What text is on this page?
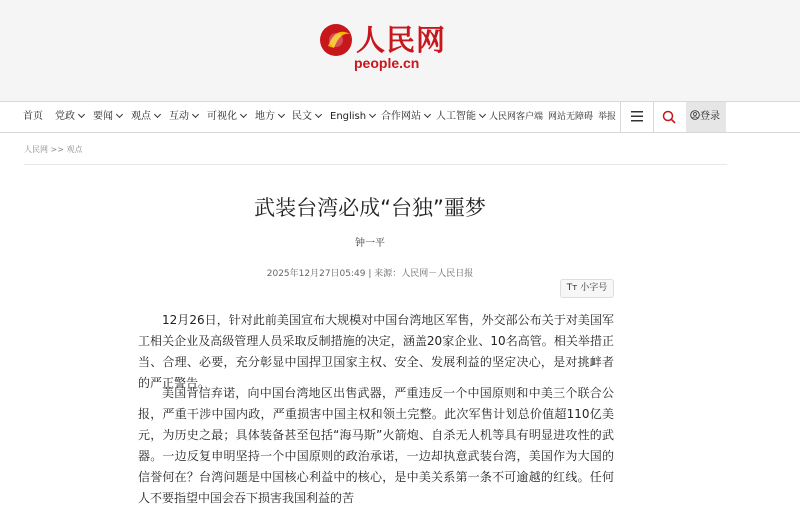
人民网
people.cn
首页 党政	要闻	观点	互动	可视化	地方	民文	English	合作网站	人工智能	人民网客户端 网站无障碍 举报	登录
人民网 >> 观点
武装台湾必成“台独”噩梦
钟一平
2025年12月27日05:49 | 来源：人民网－人民日报
Tт 小字号

12月26日，针对此前美国宣布大规模对中国台湾地区军售，外交部公布关于对美国军工相关企业及高级管理人员采取反制措施的决定，涵盖20家企业、10名高管。相关举措正当、合理、必要，充分彰显中国捍卫国家主权、安全、发展利益的坚定决心，是对挑衅者的严正警告。

美国背信弃诺，向中国台湾地区出售武器，严重违反一个中国原则和中美三个联合公报，严重干涉中国内政，严重损害中国主权和领土完整。此次军售计划总价值超110亿美元，为历史之最；具体装备甚至包括“海马斯”火箭炮、自杀无人机等具有明显进攻性的武器。一边反复申明坚持一个中国原则的政治承诺，一边却执意武装台湾，美国作为大国的信誉何在？台湾问题是中国核心利益中的核心，是中美关系第一条不可逾越的红线。任何人不要指望中国会吞下损害我国利益的苦
